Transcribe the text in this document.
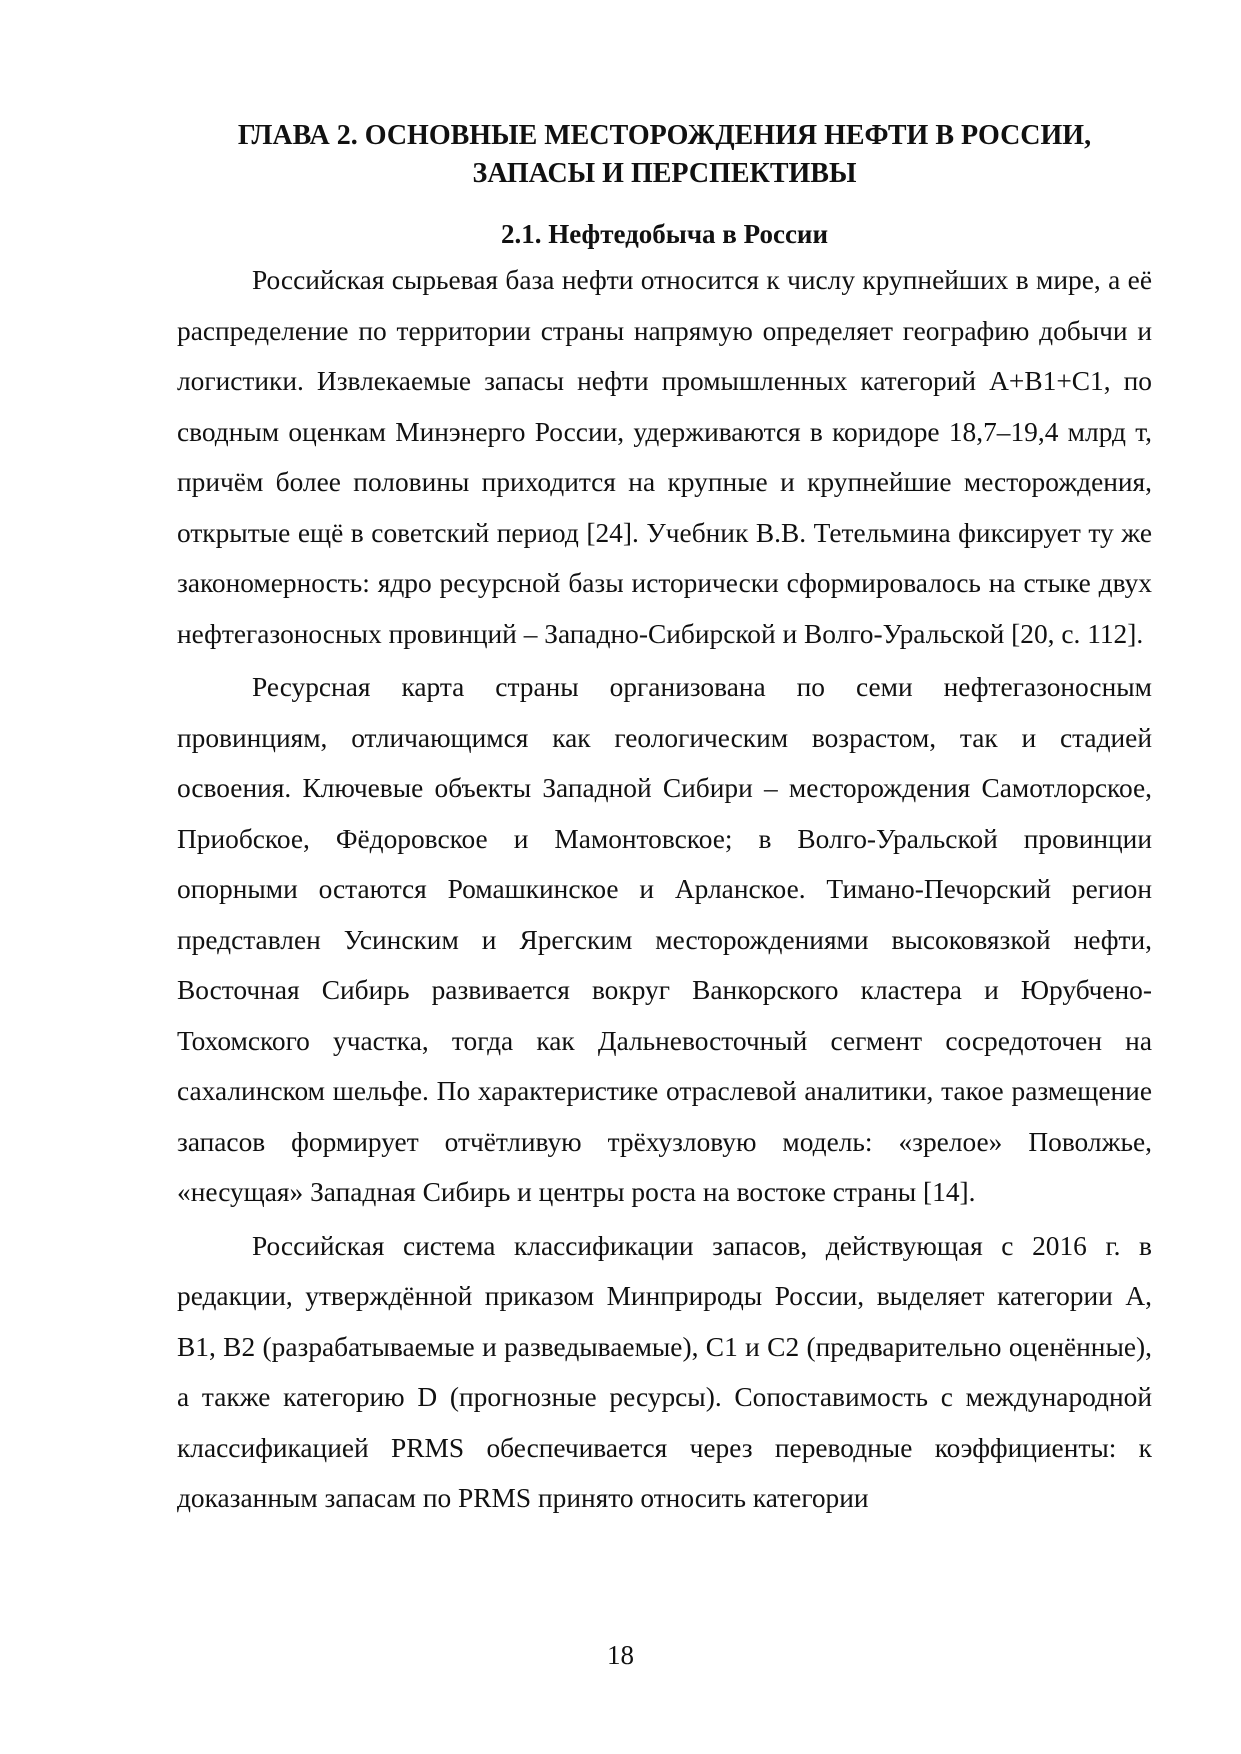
ГЛАВА 2. ОСНОВНЫЕ МЕСТОРОЖДЕНИЯ НЕФТИ В РОССИИ, ЗАПАСЫ И ПЕРСПЕКТИВЫ
2.1. Нефтедобыча в России

Российская сырьевая база нефти относится к числу крупнейших в мире, а её распределение по территории страны напрямую определяет географию добычи и логистики. Извлекаемые запасы нефти промышленных категорий А+В1+С1, по сводным оценкам Минэнерго России, удерживаются в коридоре 18,7–19,4 млрд т, причём более половины приходится на крупные и крупнейшие месторождения, открытые ещё в советский период [24]. Учебник В.В. Тетельмина фиксирует ту же закономерность: ядро ресурсной базы исторически сформировалось на стыке двух нефтегазоносных провинций – Западно-Сибирской и Волго-Уральской [20, с. 112].

Ресурсная карта страны организована по семи нефтегазоносным провинциям, отличающимся как геологическим возрастом, так и стадией освоения. Ключевые объекты Западной Сибири – месторождения Самотлорское, Приобское, Фёдоровское и Мамонтовское; в Волго-Уральской провинции опорными остаются Ромашкинское и Арланское. Тимано-Печорский регион представлен Усинским и Ярегским месторождениями высоковязкой нефти, Восточная Сибирь развивается вокруг Ванкорского кластера и Юрубчено-Тохомского участка, тогда как Дальневосточный сегмент сосредоточен на сахалинском шельфе. По характеристике отраслевой аналитики, такое размещение запасов формирует отчётливую трёхузловую модель: «зрелое» Поволжье, «несущая» Западная Сибирь и центры роста на востоке страны [14].

Российская система классификации запасов, действующая с 2016 г. в редакции, утверждённой приказом Минприроды России, выделяет категории А, В1, В2 (разрабатываемые и разведываемые), С1 и С2 (предварительно оценённые), а также категорию D (прогнозные ресурсы). Сопоставимость с международной классификацией PRMS обеспечивается через переводные коэффициенты: к доказанным запасам по PRMS принято относить категории

18
